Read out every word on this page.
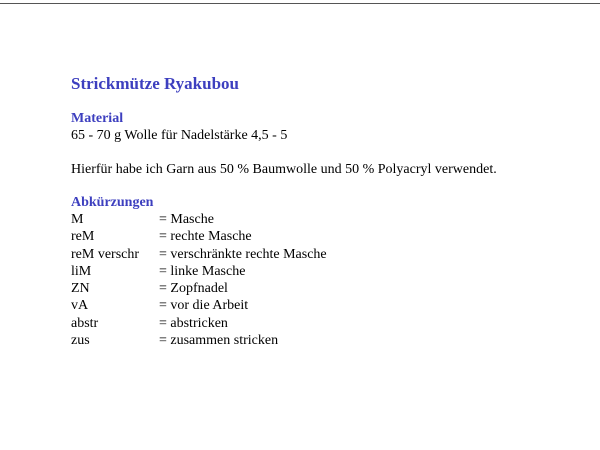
Strickmütze Ryakubou
Material

65 - 70 g Wolle für Nadelstärke 4,5 - 5

Hierfür habe ich Garn aus 50 % Baumwolle und 50 % Polyacryl verwendet.

Abkürzungen
M	= Masche
reM	= rechte Masche
reM verschr = verschränkte rechte Masche
liM	= linke Masche
ZN	= Zopfnadel
vA	= vor die Arbeit
abstr	= abstricken
zus	= zusammen stricken
